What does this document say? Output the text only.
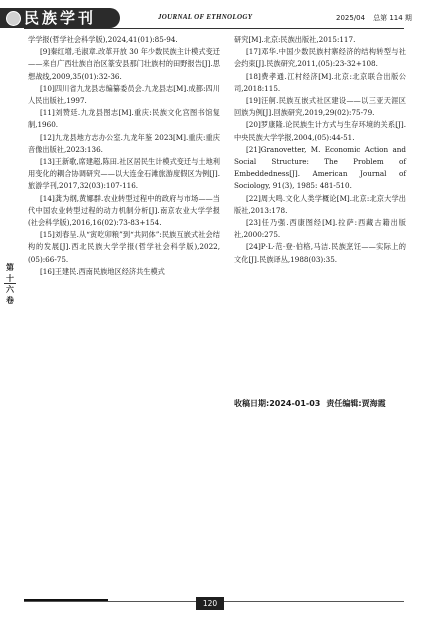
民族学刊	JOURNAL OF ETHNOLOGY	2025/04 总第 114 期
第十六卷

学学报(哲学社会科学版),2024,41(01):85-94.

[9]秦红增,毛淑章.改革开放 30 年少数民族主计模式变迁——来自广西壮族自治区篆安县那门壮族村的田野报告[J].思想战线,2009,35(01):32-36.

[10]四川省九龙县志编纂委员会.九龙县志[M].成都:四川人民出版社,1997.

[11]刘赞廷.九龙县图志[M].重庆:民族文化宫图书馆复制,1960.

[12]九龙县地方志办公室.九龙年鉴 2023[M].重庆:重庆音像出版社,2023:136.

[13]王新歌,席建超,陈田.社区居民生计模式变迁与土地利用变化的耦合协调研究——以大连金石滩旅游度假区为例[J].旅游学刊,2017,32(03):107-116.

[14]龚为纲,黄娜群.农业转型过程中的政府与市场——当代中国农业转型过程的动力机制分析[J].南京农业大学学报(社会科学版),2016,16(02):73-83+154.

[15]刘春呈.从“寅吃卯粮”到“共同体”:民族互嵌式社会结构的发展[J].西北民族大学学报(哲学社会科学版),2022,(05):66-75.

[16]王建民.西南民族地区经济共生模式

研究[M].北京:民族出版社,2015:117.

[17]邓华.中国少数民族村寨经济的结构转型与社会约束[J].民族研究,2011,(05):23-32+108.

[18]费孝通.江村经济[M].北京:北京联合出版公司,2018:115.

[19]汪舸.民族互嵌式社区建设——以三亚天涯区回族为例[J].回族研究,2019,29(02):75-79.

[20]罗康隆.论民族生计方式与生存环境的关系[J].中央民族大学学报,2004,(05):44-51.

[21]Granovetter, M. Economic Action and Social Structure: The Problem of Embeddedness[J]. American Journal of Sociology, 91(3), 1985: 481-510.

[22]周大鸣.文化人类学概论[M].北京:北京大学出版社,2013:178.

[23]任乃强.西康图经[M].拉萨:西藏古籍出版社,2000:275.

[24]P·L·范·登·伯格,马洁.民族烹饪——实际上的文化[J].民族译丛,1988(03):35.

收稿日期:2024-01-03 责任编辑:贾海霞
120
